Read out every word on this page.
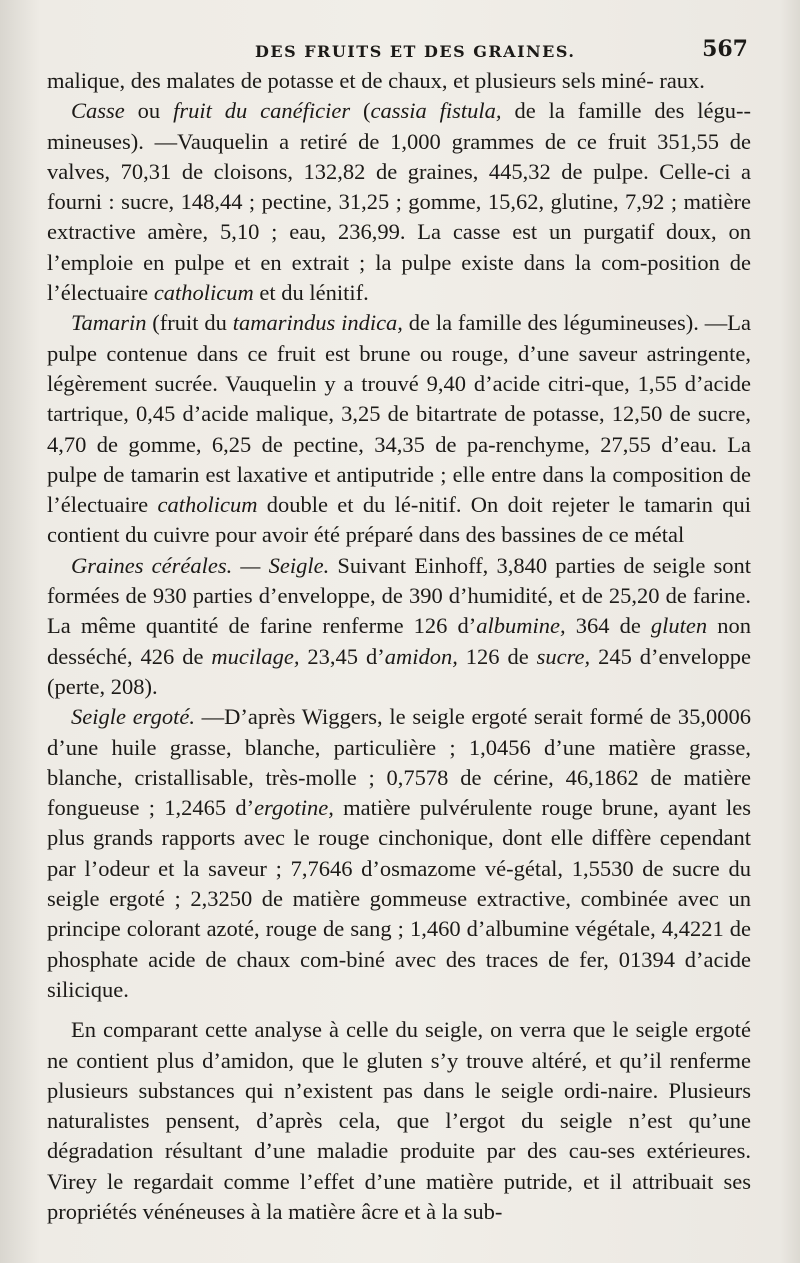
DES FRUITS ET DES GRAINES.	567

malique, des malates de potasse et de chaux, et plusieurs sels miné- raux.

Casse ou fruit du canéficier (cassia fistula, de la famille des légu-mineuses). —Vauquelin a retiré de 1,000 grammes de ce fruit 351,55 de valves, 70,31 de cloisons, 132,82 de graines, 445,32 de pulpe. Celle-ci a fourni : sucre, 148,44 ; pectine, 31,25 ; gomme, 15,62, glutine, 7,92 ; matière extractive amère, 5,10 ; eau, 236,99. La casse est un purgatif doux, on l’emploie en pulpe et en extrait ; la pulpe existe dans la com-position de l’électuaire catholicum et du lénitif.

Tamarin (fruit du tamarindus indica, de la famille des légumineuses). —La pulpe contenue dans ce fruit est brune ou rouge, d’une saveur astringente, légèrement sucrée. Vauquelin y a trouvé 9,40 d’acide citri-que, 1,55 d’acide tartrique, 0,45 d’acide malique, 3,25 de bitartrate de potasse, 12,50 de sucre, 4,70 de gomme, 6,25 de pectine, 34,35 de pa-renchyme, 27,55 d’eau. La pulpe de tamarin est laxative et antiputride ; elle entre dans la composition de l’électuaire catholicum double et du lé-nitif. On doit rejeter le tamarin qui contient du cuivre pour avoir été préparé dans des bassines de ce métal

Graines céréales. — Seigle. Suivant Einhoff, 3,840 parties de seigle sont formées de 930 parties d’enveloppe, de 390 d’humidité, et de 25,20 de farine. La même quantité de farine renferme 126 d’albumine, 364 de gluten non desséché, 426 de mucilage, 23,45 d’amidon, 126 de sucre, 245 d’enveloppe (perte, 208).

Seigle ergoté. —D’après Wiggers, le seigle ergoté serait formé de 35,0006 d’une huile grasse, blanche, particulière ; 1,0456 d’une matière grasse, blanche, cristallisable, très-molle ; 0,7578 de cérine, 46,1862 de matière fongueuse ; 1,2465 d’ergotine, matière pulvérulente rouge brune, ayant les plus grands rapports avec le rouge cinchonique, dont elle diffère cependant par l’odeur et la saveur ; 7,7646 d’osmazome vé-gétal, 1,5530 de sucre du seigle ergoté ; 2,3250 de matière gommeuse extractive, combinée avec un principe colorant azoté, rouge de sang ; 1,460 d’albumine végétale, 4,4221 de phosphate acide de chaux com-biné avec des traces de fer, 01394 d’acide silicique.

En comparant cette analyse à celle du seigle, on verra que le seigle ergoté ne contient plus d’amidon, que le gluten s’y trouve altéré, et qu’il renferme plusieurs substances qui n’existent pas dans le seigle ordi-naire. Plusieurs naturalistes pensent, d’après cela, que l’ergot du seigle n’est qu’une dégradation résultant d’une maladie produite par des cau-ses extérieures. Virey le regardait comme l’effet d’une matière putride, et il attribuait ses propriétés vénéneuses à la matière âcre et à la sub-
